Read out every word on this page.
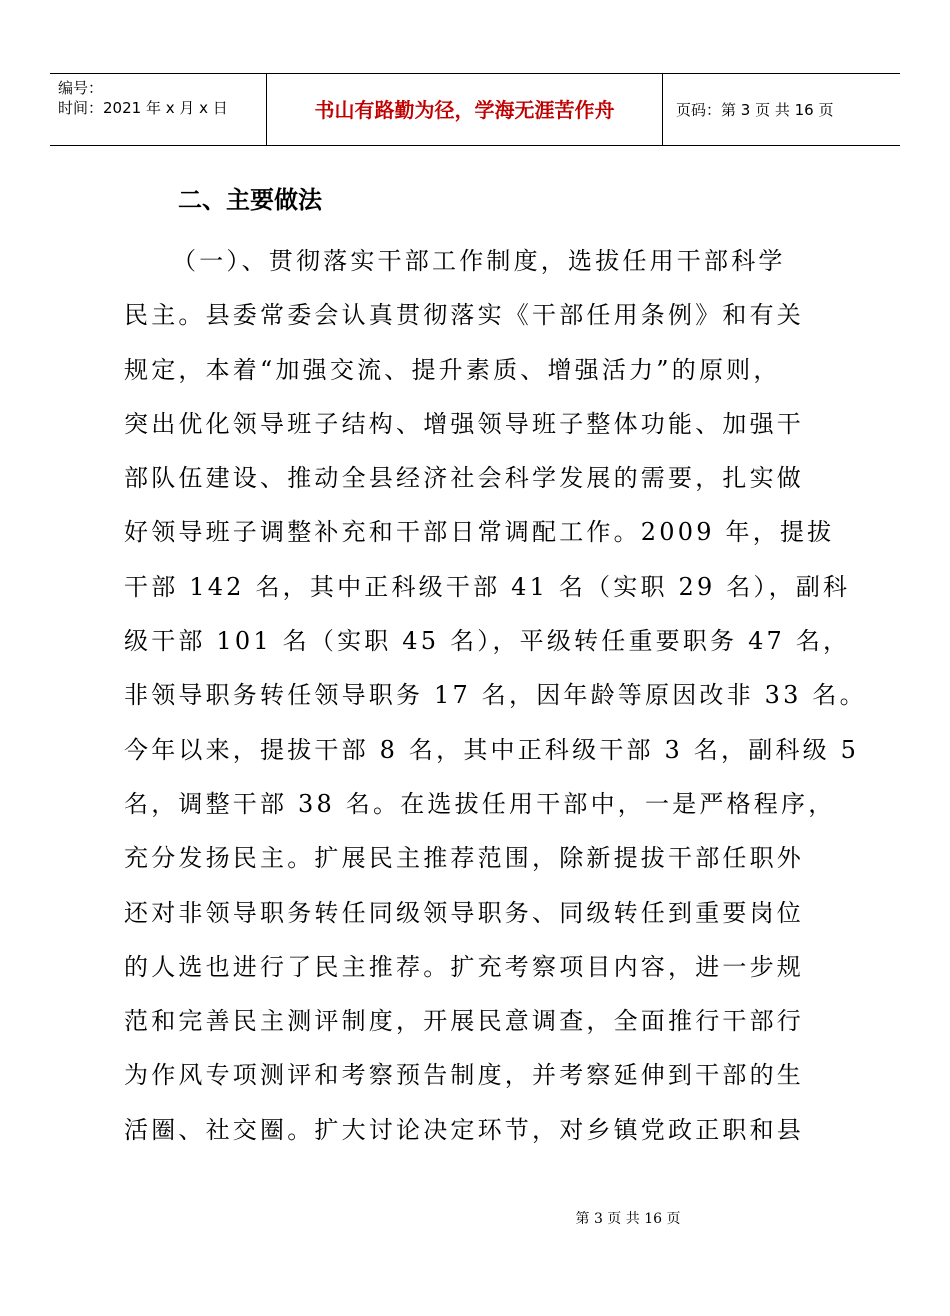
编号：
时间：2021 年 x 月 x 日	书山有路勤为径，学海无涯苦作舟	页码：第 3 页 共 16 页
二、主要做法
（一）、贯彻落实干部工作制度，选拔任用干部科学
民主。县委常委会认真贯彻落实《干部任用条例》和有关
规定，本着“加强交流、提升素质、增强活力”的原则，
突出优化领导班子结构、增强领导班子整体功能、加强干
部队伍建设、推动全县经济社会科学发展的需要，扎实做
好领导班子调整补充和干部日常调配工作。2009 年，提拔
干部 142 名，其中正科级干部 41 名（实职 29 名），副科
级干部 101 名（实职 45 名），平级转任重要职务 47 名，
非领导职务转任领导职务 17 名，因年龄等原因改非 33 名。
今年以来，提拔干部 8 名，其中正科级干部 3 名，副科级 5
名，调整干部 38 名。在选拔任用干部中，一是严格程序，
充分发扬民主。扩展民主推荐范围，除新提拔干部任职外
还对非领导职务转任同级领导职务、同级转任到重要岗位
的人选也进行了民主推荐。扩充考察项目内容，进一步规
范和完善民主测评制度，开展民意调查，全面推行干部行
为作风专项测评和考察预告制度，并考察延伸到干部的生
活圈、社交圈。扩大讨论决定环节，对乡镇党政正职和县
第 3 页 共 16 页
